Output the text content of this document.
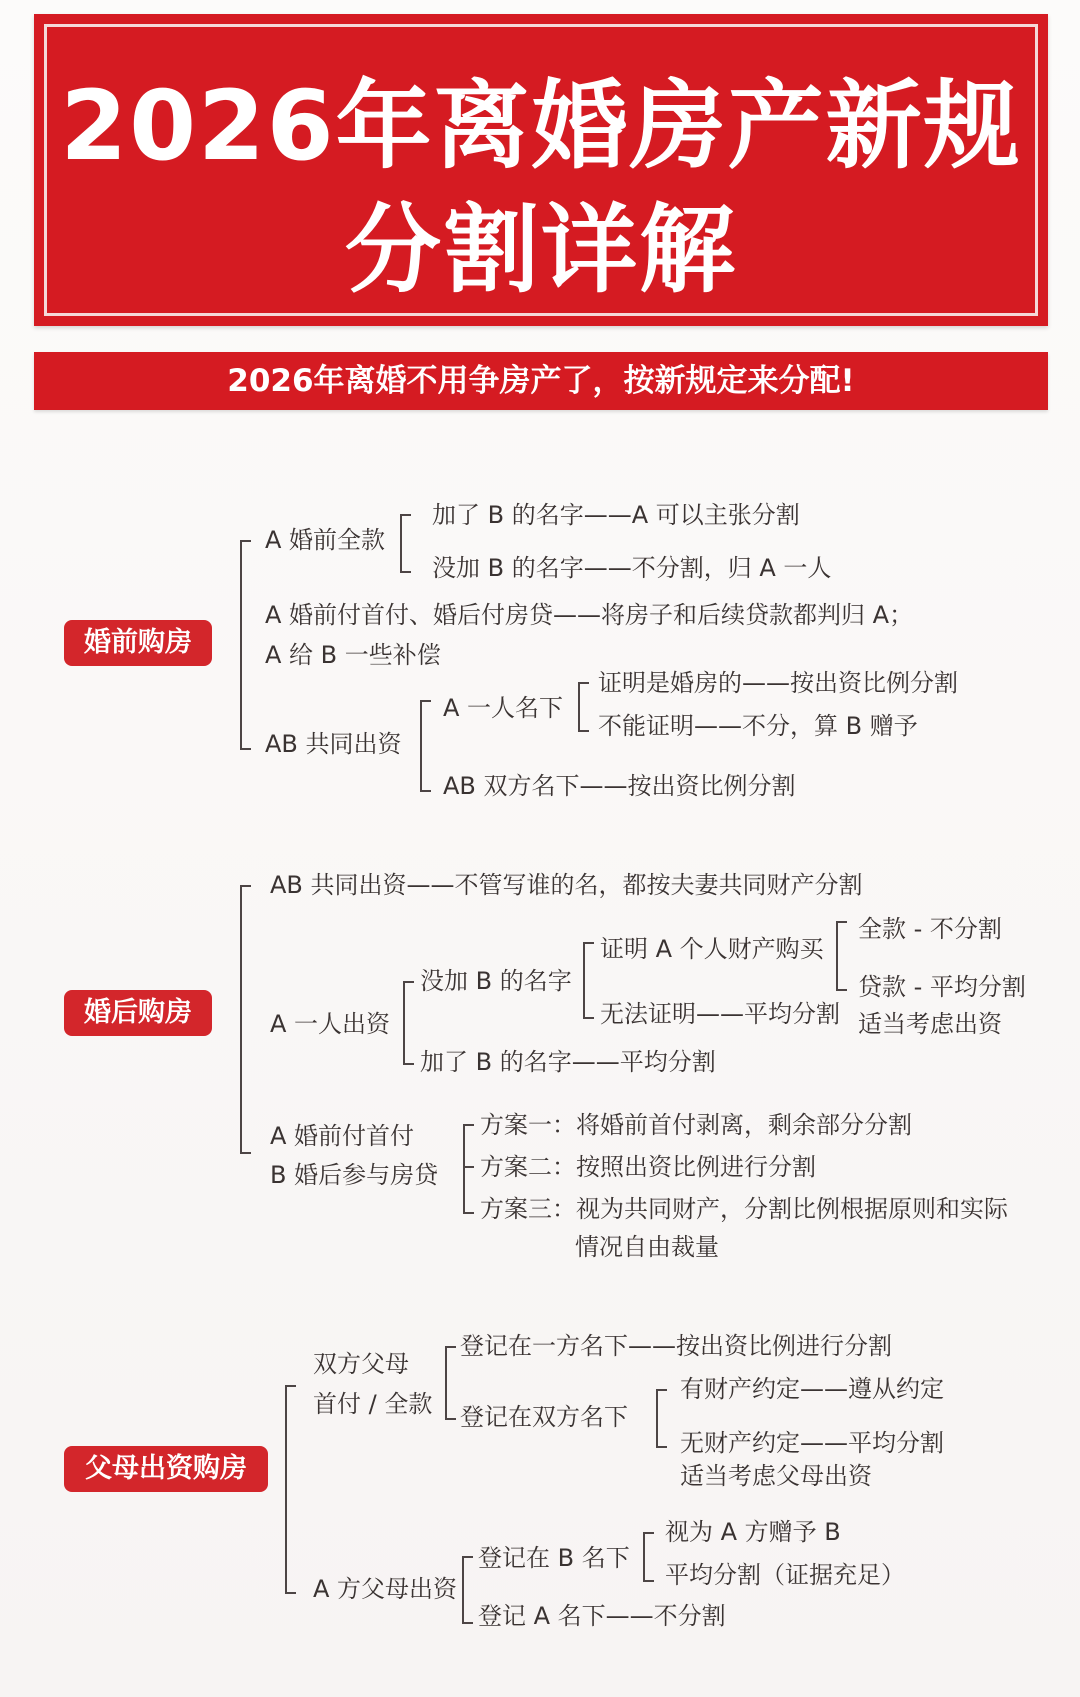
2026年离婚房产新规
分割详解
2026年离婚不用争房产了，按新规定来分配!
婚前购房
A 婚前全款
加了 B 的名字——A 可以主张分割
没加 B 的名字——不分割，归 A 一人
A 婚前付首付、婚后付房贷——将房子和后续贷款都判归 A；
A 给 B 一些补偿
AB 共同出资
A 一人名下
证明是婚房的——按出资比例分割
不能证明——不分，算 B 赠予
AB 双方名下——按出资比例分割
婚后购房
AB 共同出资——不管写谁的名，都按夫妻共同财产分割
A 一人出资
没加 B 的名字
证明 A 个人财产购买
全款 - 不分割
贷款 - 平均分割
适当考虑出资
无法证明——平均分割
加了 B 的名字——平均分割
A 婚前付首付
B 婚后参与房贷
方案一：将婚前首付剥离，剩余部分分割
方案二：按照出资比例进行分割
方案三：视为共同财产，分割比例根据原则和实际
情况自由裁量
父母出资购房
双方父母
首付 / 全款
登记在一方名下——按出资比例进行分割
登记在双方名下
有财产约定——遵从约定
无财产约定——平均分割
适当考虑父母出资
A 方父母出资
登记在 B 名下
视为 A 方赠予 B
平均分割（证据充足）
登记 A 名下——不分割
